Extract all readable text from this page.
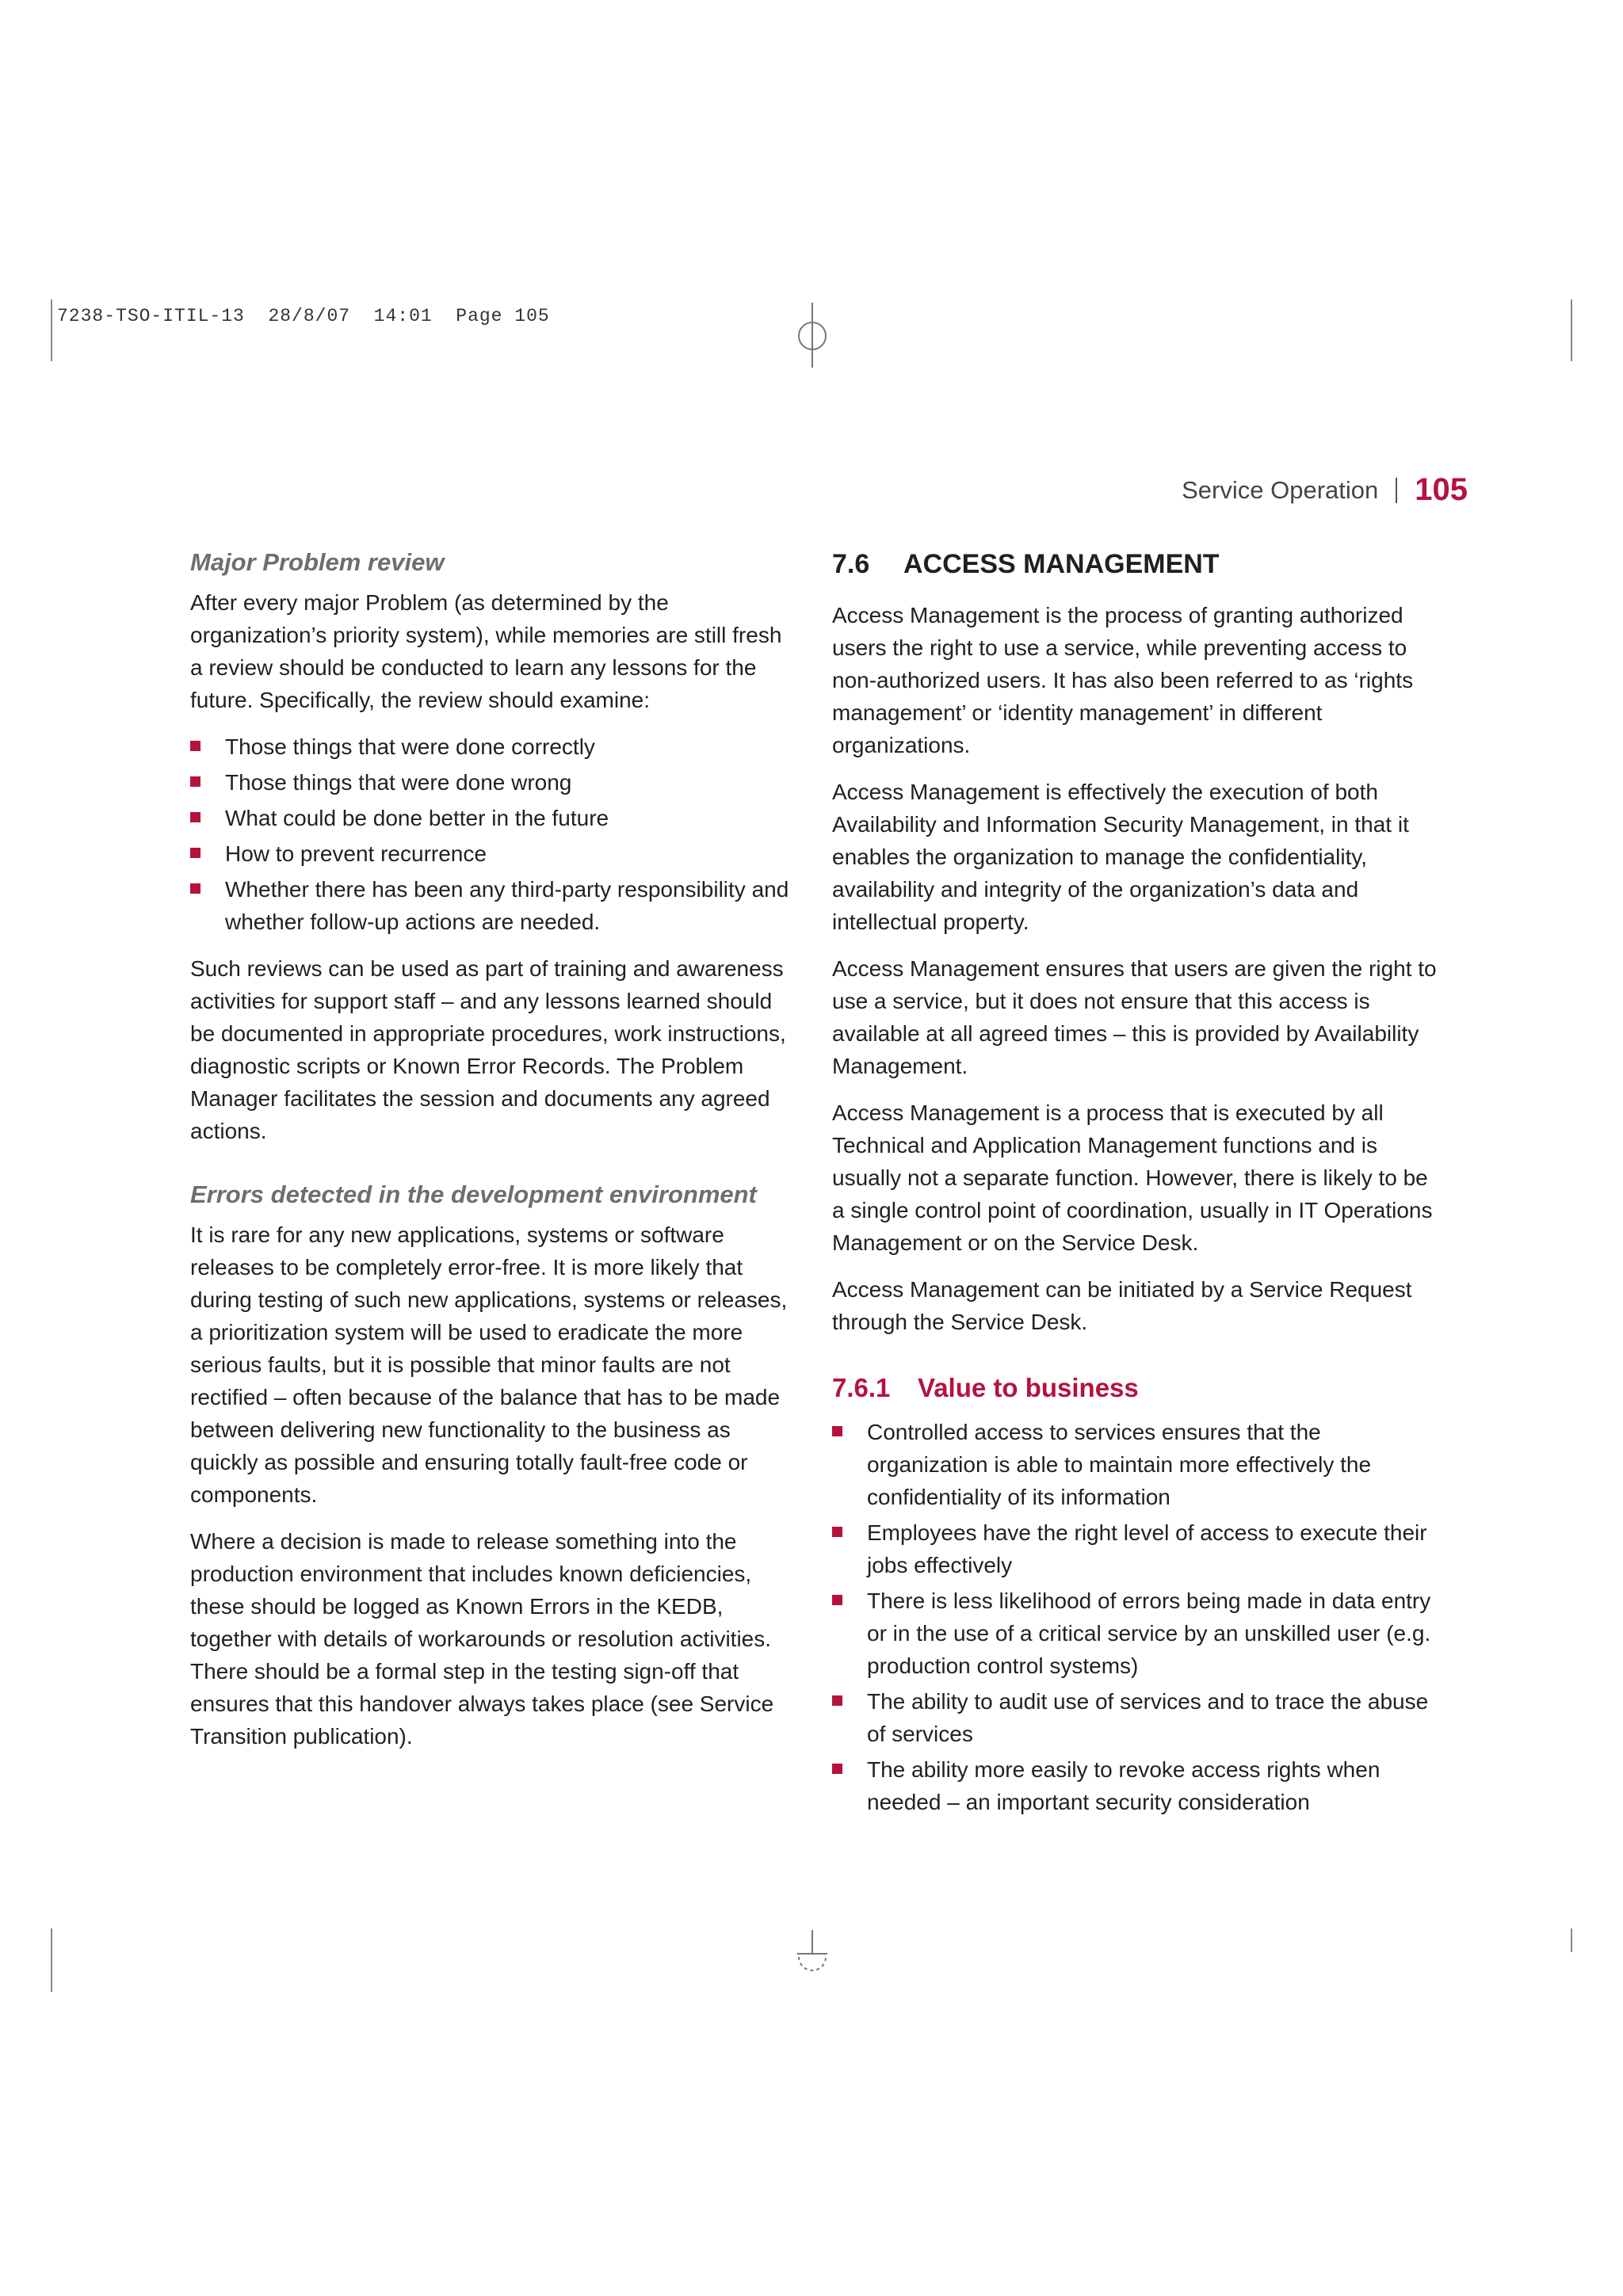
7238-TSO-ITIL-13  28/8/07  14:01  Page 105
Service Operation 105
Major Problem review

After every major Problem (as determined by the organization’s priority system), while memories are still fresh a review should be conducted to learn any lessons for the future. Specifically, the review should examine:

Those things that were done correctly
Those things that were done wrong
What could be done better in the future
How to prevent recurrence
Whether there has been any third-party responsibility and whether follow-up actions are needed.

Such reviews can be used as part of training and awareness activities for support staff – and any lessons learned should be documented in appropriate procedures, work instructions, diagnostic scripts or Known Error Records. The Problem Manager facilitates the session and documents any agreed actions.

Errors detected in the development environment

It is rare for any new applications, systems or software releases to be completely error-free. It is more likely that during testing of such new applications, systems or releases, a prioritization system will be used to eradicate the more serious faults, but it is possible that minor faults are not rectified – often because of the balance that has to be made between delivering new functionality to the business as quickly as possible and ensuring totally fault-free code or components.

Where a decision is made to release something into the production environment that includes known deficiencies, these should be logged as Known Errors in the KEDB, together with details of workarounds or resolution activities. There should be a formal step in the testing sign-off that ensures that this handover always takes place (see Service Transition publication).

7.6 ACCESS MANAGEMENT

Access Management is the process of granting authorized users the right to use a service, while preventing access to non-authorized users. It has also been referred to as ‘rights management’ or ‘identity management’ in different organizations.

Access Management is effectively the execution of both Availability and Information Security Management, in that it enables the organization to manage the confidentiality, availability and integrity of the organization’s data and intellectual property.

Access Management ensures that users are given the right to use a service, but it does not ensure that this access is available at all agreed times – this is provided by Availability Management.

Access Management is a process that is executed by all Technical and Application Management functions and is usually not a separate function. However, there is likely to be a single control point of coordination, usually in IT Operations Management or on the Service Desk.

Access Management can be initiated by a Service Request through the Service Desk.

7.6.1 Value to business
Controlled access to services ensures that the organization is able to maintain more effectively the confidentiality of its information
Employees have the right level of access to execute their jobs effectively
There is less likelihood of errors being made in data entry or in the use of a critical service by an unskilled user (e.g. production control systems)
The ability to audit use of services and to trace the abuse of services
The ability more easily to revoke access rights when needed – an important security consideration
